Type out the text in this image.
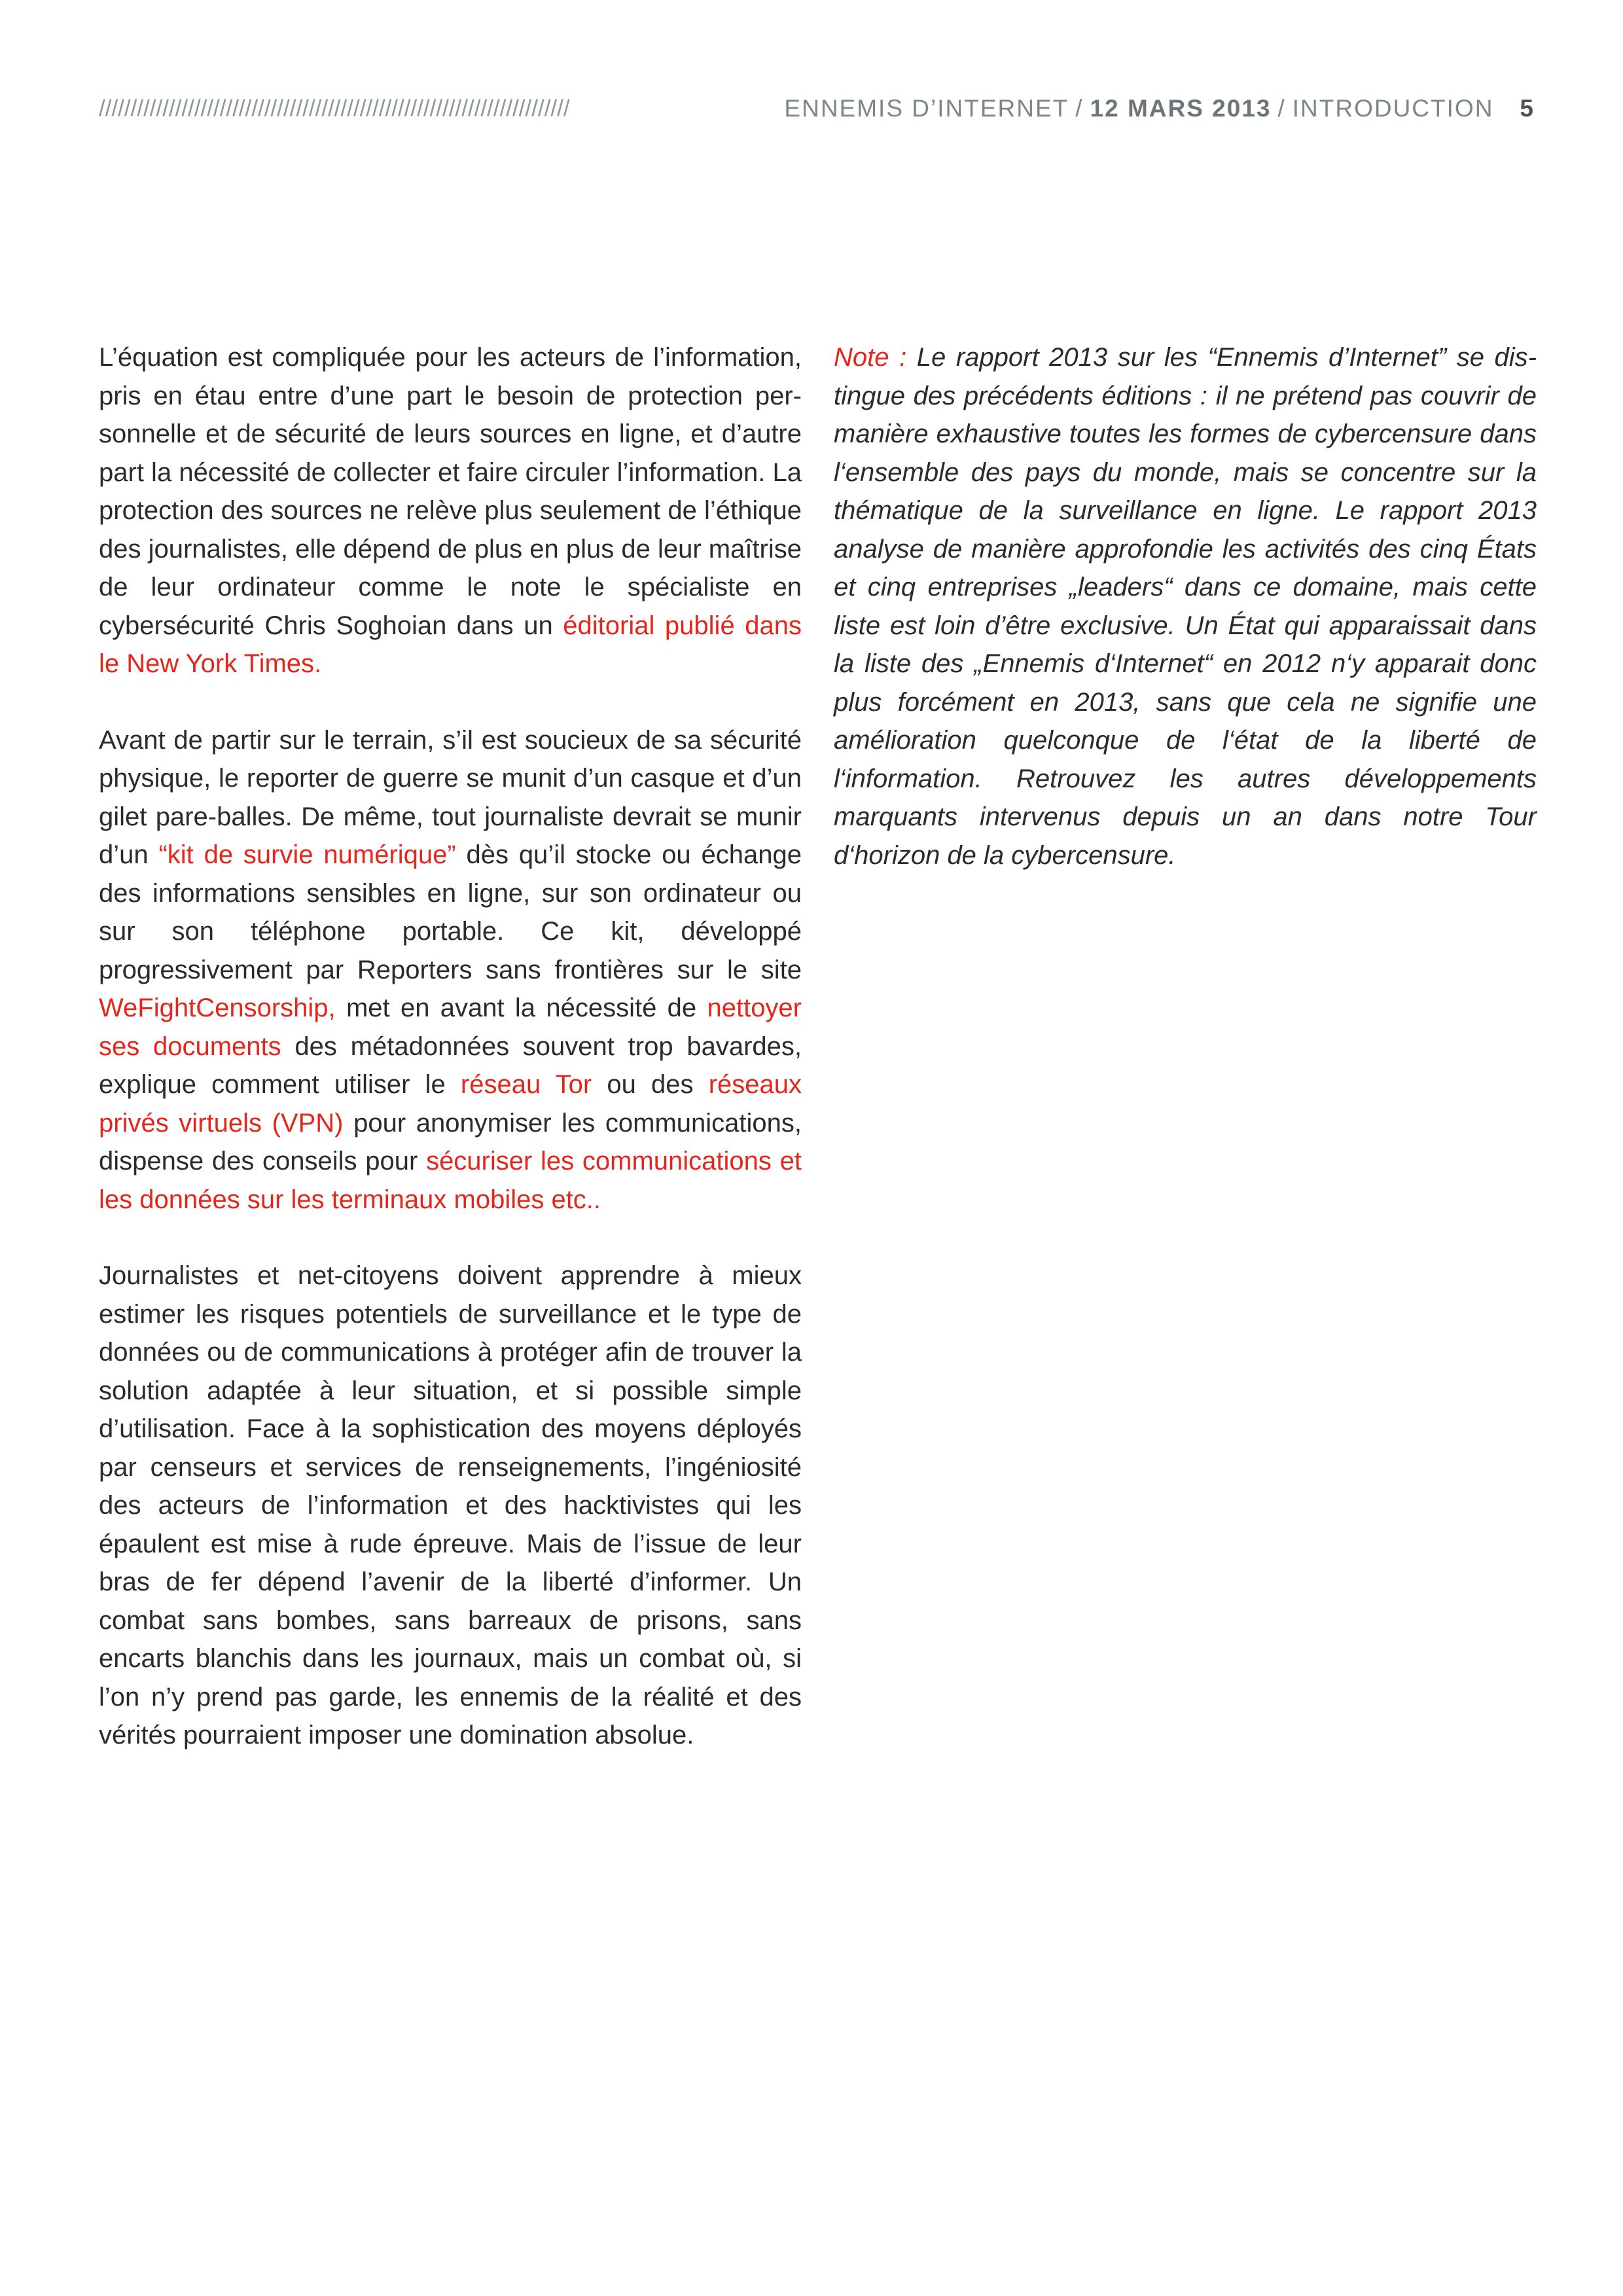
//////////////////////////////////////////////////////////////////////////	ENNEMIS D’INTERNET / 12 MARS 2013 / INTRODUCTION 5

L’équation est compliquée pour les acteurs de l’information, pris en étau entre d’une part le besoin de protection personnelle et de sécurité de leurs sources en ligne, et d’autre part la nécessité de collecter et faire circuler l’information. La protection des sources ne relève plus seulement de l’éthique des journalistes, elle dépend de plus en plus de leur maîtrise de leur ordinateur comme le note le spécialiste en cybersécurité Chris Soghoian dans un éditorial publié dans le New York Times.

Avant de partir sur le terrain, s’il est soucieux de sa sécurité physique, le reporter de guerre se munit d’un casque et d’un gilet pare-balles. De même, tout journaliste devrait se munir d’un “kit de survie numérique” dès qu’il stocke ou échange des informations sensibles en ligne, sur son ordinateur ou sur son téléphone portable. Ce kit, développé progressivement par Reporters sans frontières sur le site WeFightCensorship, met en avant la nécessité de nettoyer ses documents des métadonnées souvent trop bavardes, explique comment utiliser le réseau Tor ou des réseaux privés virtuels (VPN) pour anonymiser les communications, dispense des conseils pour sécuriser les communications et les données sur les terminaux mobiles etc..

Journalistes et net-citoyens doivent apprendre à mieux estimer les risques potentiels de surveillance et le type de données ou de communications à protéger afin de trouver la solution adaptée à leur situation, et si possible simple d’utilisation. Face à la sophistication des moyens déployés par censeurs et services de renseignements, l’ingéniosité des acteurs de l’information et des hacktivistes qui les épaulent est mise à rude épreuve. Mais de l’issue de leur bras de fer dépend l’avenir de la liberté d’informer. Un combat sans bombes, sans barreaux de prisons, sans encarts blanchis dans les journaux, mais un combat où, si l’on n’y prend pas garde, les ennemis de la réalité et des vérités pourraient imposer une domination absolue.

Note : Le rapport 2013 sur les “Ennemis d’Internet” se distingue des précédents éditions : il ne prétend pas couvrir de manière exhaustive toutes les formes de cybercensure dans l‘ensemble des pays du monde, mais se concentre sur la thématique de la surveillance en ligne. Le rapport 2013 analyse de manière approfondie les activités des cinq États et cinq entreprises „leaders“ dans ce domaine, mais cette liste est loin d’être exclusive. Un État qui apparaissait dans la liste des „Ennemis d‘Internet“ en 2012 n‘y apparait donc plus forcément en 2013, sans que cela ne signifie une amélioration quelconque de l‘état de la liberté de l‘information. Retrouvez les autres développements marquants intervenus depuis un an dans notre Tour d‘horizon de la cybercensure.
